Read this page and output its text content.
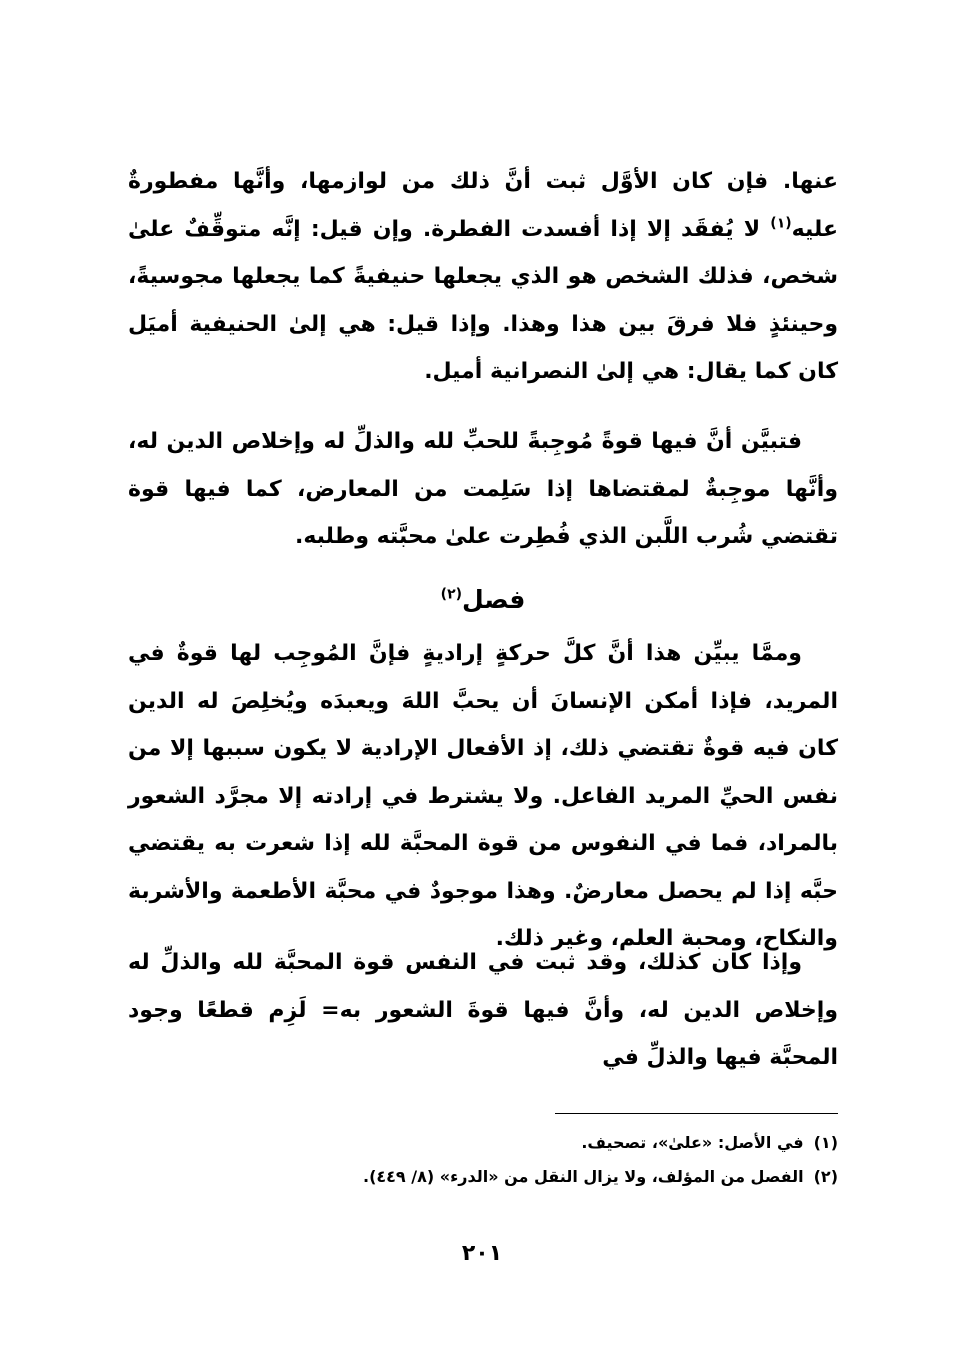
عنها. فإن كان الأوَّل ثبت أنَّ ذلك من لوازمها، وأنَّها مفطورةٌ عليه$^{(١)}$ لا يُفقَد إلا إذا أفسدت الفطرة. وإن قيل: إنَّه متوقِّفٌ علىٰ شخص، فذلك الشخص هو الذي يجعلها حنيفيةً كما يجعلها مجوسيةً، وحينئذٍ فلا فرقَ بين هذا وهذا. وإذا قيل: هي إلىٰ الحنيفية أميَل كان كما يقال: هي إلىٰ النصرانية أميل.

فتبيَّن أنَّ فيها قوةً مُوجِبةً للحبِّ لله والذلِّ له وإخلاص الدين له، وأنَّها موجِبةٌ لمقتضاها إذا سَلِمت من المعارض، كما فيها قوة تقتضي شُرب اللَّبن الذي فُطِرت علىٰ محبَّته وطلبه.

فصل$^{(٢)}$

وممَّا يبيِّن هذا أنَّ كلَّ حركةٍ إراديةٍ فإنَّ المُوجِب لها قوةٌ في المريد، فإذا أمكن الإنسانَ أن يحبَّ اللهَ ويعبدَه ويُخلِصَ له الدين كان فيه قوةٌ تقتضي ذلك، إذ الأفعال الإرادية لا يكون سببها إلا من نفس الحيِّ المريد الفاعل. ولا يشترط في إرادته إلا مجرَّد الشعور بالمراد، فما في النفوس من قوة المحبَّة لله إذا شعرت به يقتضي حبَّه إذا لم يحصل معارضٌ. وهذا موجودٌ في محبَّة الأطعمة والأشربة والنكاح، ومحبة العلم، وغير ذلك.

وإذا كان كذلك، وقد ثبت في النفس قوة المحبَّة لله والذلِّ له وإخلاص الدين له، وأنَّ فيها قوةَ الشعور به= لَزِم قطعًا وجود المحبَّة فيها والذلِّ في

(١)في الأصل: «علىٰ»، تصحيف.
(٢)الفصل من المؤلف، ولا يزال النقل من «الدرء» (٨/ ٤٤٩).
٢٠١
